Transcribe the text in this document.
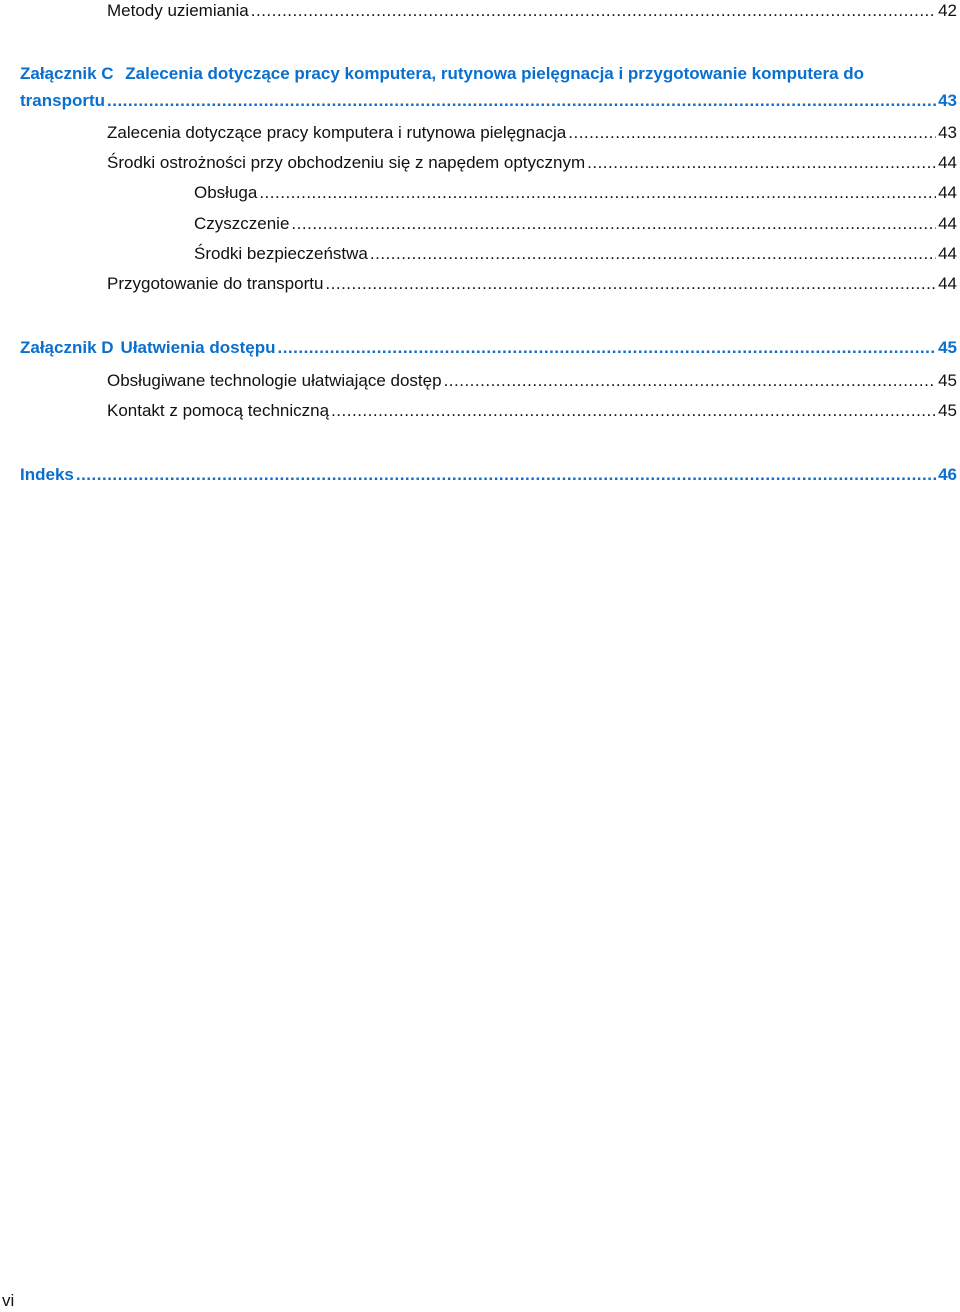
Metody uziemiania .....	42
Załącznik C Zalecenia dotyczące pracy komputera, rutynowa pielęgnacja i przygotowanie komputera do
transportu .....	43
Zalecenia dotyczące pracy komputera i rutynowa pielęgnacja .....	43
Środki ostrożności przy obchodzeniu się z napędem optycznym .....	44
Obsługa .....	44
Czyszczenie .....	44
Środki bezpieczeństwa .....	44
Przygotowanie do transportu .....	44
Załącznik D Ułatwienia dostępu .....	45
Obsługiwane technologie ułatwiające dostęp .....	45
Kontakt z pomocą techniczną .....	45
Indeks .....	46
vi
